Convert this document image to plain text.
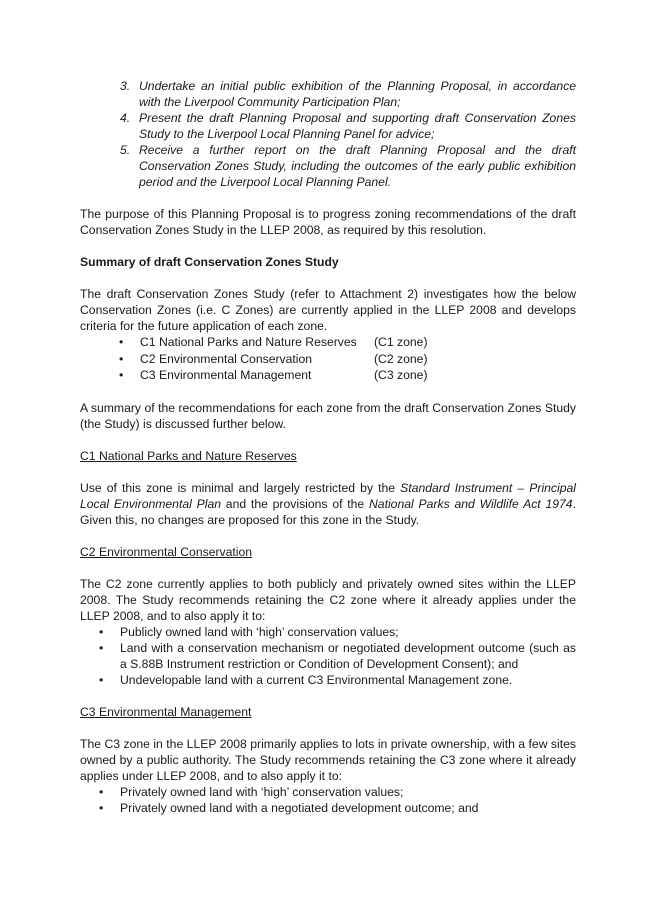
3. Undertake an initial public exhibition of the Planning Proposal, in accordance with the Liverpool Community Participation Plan;
4. Present the draft Planning Proposal and supporting draft Conservation Zones Study to the Liverpool Local Planning Panel for advice;
5. Receive a further report on the draft Planning Proposal and the draft Conservation Zones Study, including the outcomes of the early public exhibition period and the Liverpool Local Planning Panel.

The purpose of this Planning Proposal is to progress zoning recommendations of the draft Conservation Zones Study in the LLEP 2008, as required by this resolution.

Summary of draft Conservation Zones Study

The draft Conservation Zones Study (refer to Attachment 2) investigates how the below Conservation Zones (i.e. C Zones) are currently applied in the LLEP 2008 and develops criteria for the future application of each zone.

• C1 National Parks and Nature Reserves (C1 zone)
• C2 Environmental Conservation	(C2 zone)
• C3 Environmental Management	(C3 zone)

A summary of the recommendations for each zone from the draft Conservation Zones Study (the Study) is discussed further below.

C1 National Parks and Nature Reserves

Use of this zone is minimal and largely restricted by the Standard Instrument – Principal Local Environmental Plan and the provisions of the National Parks and Wildlife Act 1974. Given this, no changes are proposed for this zone in the Study.

C2 Environmental Conservation

The C2 zone currently applies to both publicly and privately owned sites within the LLEP 2008. The Study recommends retaining the C2 zone where it already applies under the LLEP 2008, and to also apply it to:

• Publicly owned land with ‘high’ conservation values;
• Land with a conservation mechanism or negotiated development outcome (such as a S.88B Instrument restriction or Condition of Development Consent); and
• Undevelopable land with a current C3 Environmental Management zone.

C3 Environmental Management

The C3 zone in the LLEP 2008 primarily applies to lots in private ownership, with a few sites owned by a public authority. The Study recommends retaining the C3 zone where it already applies under LLEP 2008, and to also apply it to:

• Privately owned land with ‘high’ conservation values;
• Privately owned land with a negotiated development outcome; and
